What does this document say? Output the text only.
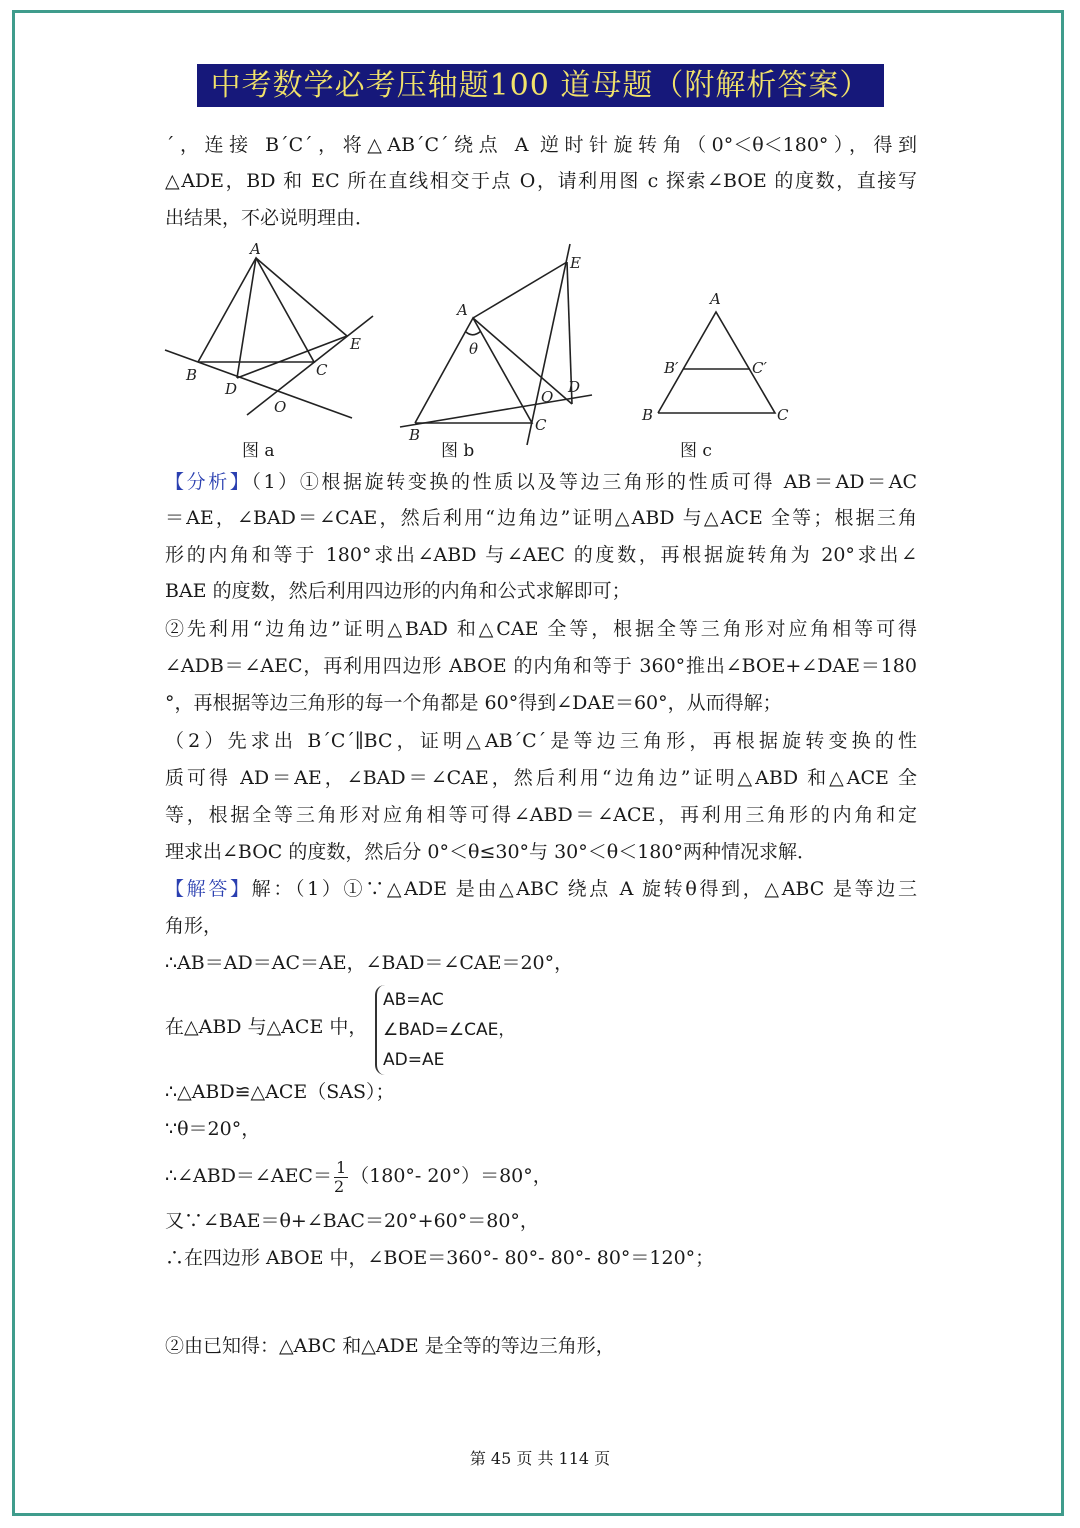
中考数学必考压轴题100 道母题（附解析答案）
´，连接 B´C´，将△AB´C´绕点 A 逆时针旋转角（0°＜θ＜180°），得到
△ADE，BD 和 EC 所在直线相交于点 O，请利用图 c 探索∠BOE 的度数，直接写
出结果，不必说明理由．
A
B	C
D
E
O
A
B
C
D
E
O
θ
A
B′	C′
B	C
图 a	图 b	图 c
【分析】（1）①根据旋转变换的性质以及等边三角形的性质可得 AB＝AD＝AC
＝AE，∠BAD＝∠CAE，然后利用“边角边”证明△ABD 与△ACE 全等；根据三角
形的内角和等于 180°求出∠ABD 与∠AEC 的度数，再根据旋转角为 20°求出∠
BAE 的度数，然后利用四边形的内角和公式求解即可；
②先利用“边角边”证明△BAD 和△CAE 全等，根据全等三角形对应角相等可得
∠ADB＝∠AEC，再利用四边形 ABOE 的内角和等于 360°推出∠BOE+∠DAE＝180
°，再根据等边三角形的每一个角都是 60°得到∠DAE＝60°，从而得解；
（2）先求出 B´C´∥BC，证明△AB´C´是等边三角形，再根据旋转变换的性
质可得 AD＝AE，∠BAD＝∠CAE，然后利用“边角边”证明△ABD 和△ACE 全
等，根据全等三角形对应角相等可得∠ABD＝∠ACE，再利用三角形的内角和定
理求出∠BOC 的度数，然后分 0°＜θ≤30°与 30°＜θ＜180°两种情况求解．
【解答】解：（1）①∵△ADE 是由△ABC 绕点 A 旋转θ得到，△ABC 是等边三
角形，
∴AB＝AD＝AC＝AE，∠BAD＝∠CAE＝20°，
在△ABD 与△ACE 中，
AB=AC
∠BAD=∠CAE，
AD=AE
∴△ABD≌△ACE（SAS）；
∵θ＝20°，
∴∠ABD＝∠AEC＝ $\frac{1}{2} (180^\circ-$ 20°）＝80°，
又∵∠BAE＝θ+∠BAC＝20°+60°＝80°，
∴在四边形 ABOE 中，∠BOE＝360°- 80°- 80°- 80°＝120°；
②由已知得：△ABC 和△ADE 是全等的等边三角形，
第 45 页 共 114 页
